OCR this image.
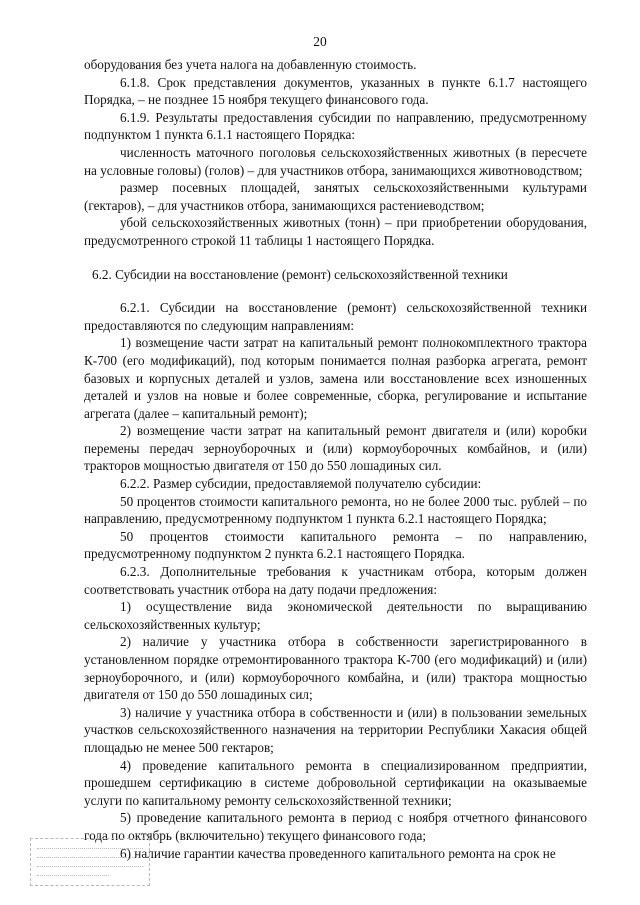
20

оборудования без учета налога на добавленную стоимость.

6.1.8. Срок представления документов, указанных в пункте 6.1.7 настоящего Порядка, – не позднее 15 ноября текущего финансового года.

6.1.9. Результаты предоставления субсидии по направлению, предусмотренному подпунктом 1 пункта 6.1.1 настоящего Порядка:

численность маточного поголовья сельскохозяйственных животных (в пересчете на условные головы) (голов) – для участников отбора, занимающихся животноводством;

размер посевных площадей, занятых сельскохозяйственными культурами (гектаров), – для участников отбора, занимающихся растениеводством;

убой сельскохозяйственных животных (тонн) – при приобретении оборудования, предусмотренного строкой 11 таблицы 1 настоящего Порядка.

6.2. Субсидии на восстановление (ремонт) сельскохозяйственной техники

6.2.1. Субсидии на восстановление (ремонт) сельскохозяйственной техники предоставляются по следующим направлениям:

1) возмещение части затрат на капитальный ремонт полнокомплектного трактора К-700 (его модификаций), под которым понимается полная разборка агрегата, ремонт базовых и корпусных деталей и узлов, замена или восстановление всех изношенных деталей и узлов на новые и более современные, сборка, регулирование и испытание агрегата (далее – капитальный ремонт);

2) возмещение части затрат на капитальный ремонт двигателя и (или) коробки перемены передач зерноуборочных и (или) кормоуборочных комбайнов, и (или) тракторов мощностью двигателя от 150 до 550 лошадиных сил.

6.2.2. Размер субсидии, предоставляемой получателю субсидии:

50 процентов стоимости капитального ремонта, но не более 2000 тыс. рублей – по направлению, предусмотренному подпунктом 1 пункта 6.2.1 настоящего Порядка;

50 процентов стоимости капитального ремонта – по направлению, предусмотренному подпунктом 2 пункта 6.2.1 настоящего Порядка.

6.2.3. Дополнительные требования к участникам отбора, которым должен соответствовать участник отбора на дату подачи предложения:

1) осуществление вида экономической деятельности по выращиванию сельскохозяйственных культур;

2) наличие у участника отбора в собственности зарегистрированного в установленном порядке отремонтированного трактора К-700 (его модификаций) и (или) зерноуборочного, и (или) кормоуборочного комбайна, и (или) трактора мощностью двигателя от 150 до 550 лошадиных сил;

3) наличие у участника отбора в собственности и (или) в пользовании земельных участков сельскохозяйственного назначения на территории Республики Хакасия общей площадью не менее 500 гектаров;

4) проведение капитального ремонта в специализированном предприятии, прошедшем сертификацию в системе добровольной сертификации на оказываемые услуги по капитальному ремонту сельскохозяйственной техники;

5) проведение капитального ремонта в период с ноября отчетного финансового года по октябрь (включительно) текущего финансового года;

6) наличие гарантии качества проведенного капитального ремонта на срок не
